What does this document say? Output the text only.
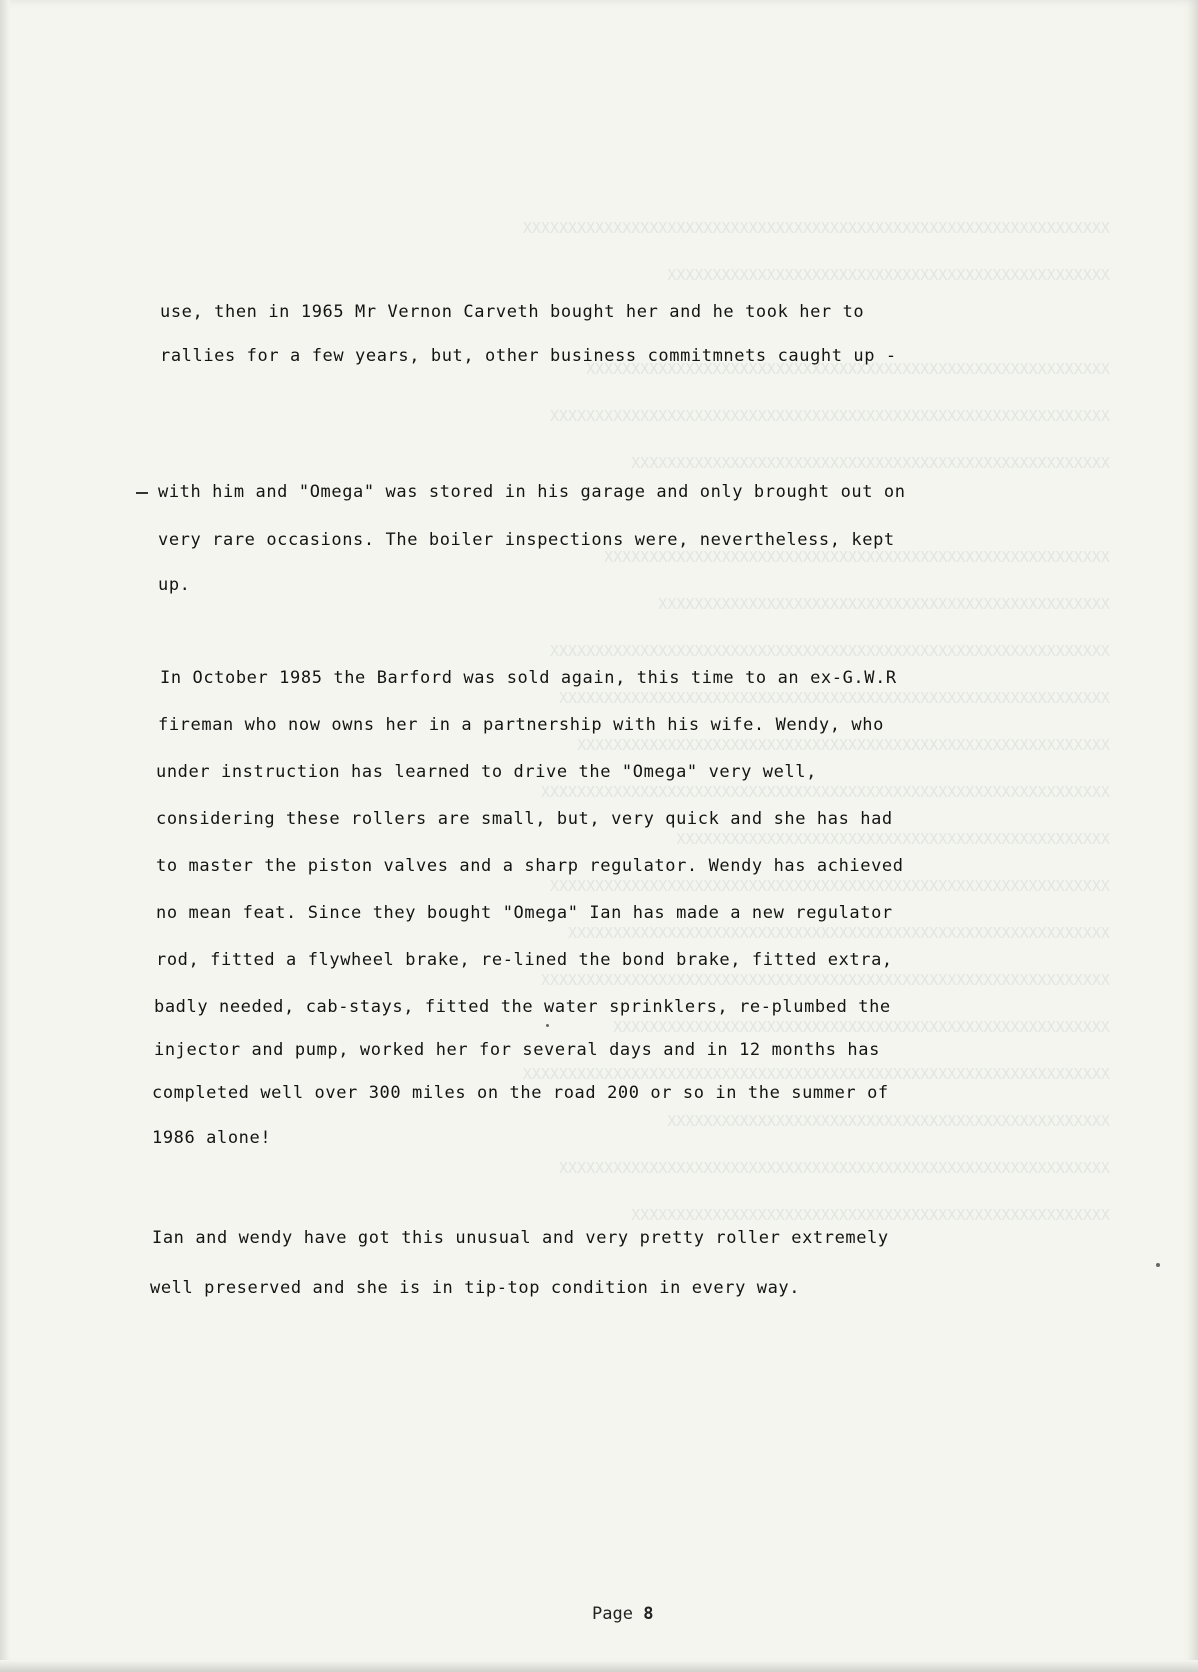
XXXXXXXXXXXXXXXXXXXXXXXXXXXXXXXXXXXXXXXXXXXXXXXXXXXXXXXXXXXXXXXXX
XXXXXXXXXXXXXXXXXXXXXXXXXXXXXXXXXXXXXXXXXXXXXXXXX
XXXXXXXXXXXXXXXXXXXXXXXXXXXXXXXXXXXXXXXXXXXXXXXXXXXXXXXXXX
XXXXXXXXXXXXXXXXXXXXXXXXXXXXXXXXXXXXXXXXXXXXXXXXXXXXXXXXXXXXXX
XXXXXXXXXXXXXXXXXXXXXXXXXXXXXXXXXXXXXXXXXXXXXXXXXXXXX
XXXXXXXXXXXXXXXXXXXXXXXXXXXXXXXXXXXXXXXXXXXXXXXXXXXXXXXX
XXXXXXXXXXXXXXXXXXXXXXXXXXXXXXXXXXXXXXXXXXXXXXXXXX
XXXXXXXXXXXXXXXXXXXXXXXXXXXXXXXXXXXXXXXXXXXXXXXXXXXXXXXXXXXXXX
XXXXXXXXXXXXXXXXXXXXXXXXXXXXXXXXXXXXXXXXXXXXXXXXXXXXXXXXXXXXX
XXXXXXXXXXXXXXXXXXXXXXXXXXXXXXXXXXXXXXXXXXXXXXXXXXXXXXXXXXX
XXXXXXXXXXXXXXXXXXXXXXXXXXXXXXXXXXXXXXXXXXXXXXXXXXXXXXXXXXXXXXX
XXXXXXXXXXXXXXXXXXXXXXXXXXXXXXXXXXXXXXXXXXXXXXXX
XXXXXXXXXXXXXXXXXXXXXXXXXXXXXXXXXXXXXXXXXXXXXXXXXXXXXXXXXXXXXX
XXXXXXXXXXXXXXXXXXXXXXXXXXXXXXXXXXXXXXXXXXXXXXXXXXXXXXXXXXXX
XXXXXXXXXXXXXXXXXXXXXXXXXXXXXXXXXXXXXXXXXXXXXXXXXXXXXXXXXXXXXXX
XXXXXXXXXXXXXXXXXXXXXXXXXXXXXXXXXXXXXXXXXXXXXXXXXXXXXXX
XXXXXXXXXXXXXXXXXXXXXXXXXXXXXXXXXXXXXXXXXXXXXXXXXXXXXXXXXXXXXXXXX
XXXXXXXXXXXXXXXXXXXXXXXXXXXXXXXXXXXXXXXXXXXXXXXXX
XXXXXXXXXXXXXXXXXXXXXXXXXXXXXXXXXXXXXXXXXXXXXXXXXXXXXXXXXXXXX
XXXXXXXXXXXXXXXXXXXXXXXXXXXXXXXXXXXXXXXXXXXXXXXXXXXXX
use, then in 1965 Mr Vernon Carveth bought her and he took her to
rallies for a few years, but, other business commitmnets caught up -
with him and "Omega" was stored in his garage and only brought out on
very rare occasions. The boiler inspections were, nevertheless, kept
up.
In October 1985 the Barford was sold again, this time to an ex-G.W.R
fireman who now owns her in a partnership with his wife. Wendy, who
under instruction has learned to drive the "Omega" very well,
considering these rollers are small, but, very quick and she has had
to master the piston valves and a sharp regulator. Wendy has achieved
no mean feat. Since they bought "Omega" Ian has made a new regulator
rod, fitted a flywheel brake, re-lined the bond brake, fitted extra,
badly needed, cab-stays, fitted the water sprinklers, re-plumbed the
injector and pump, worked her for several days and in 12 months has
completed well over 300 miles on the road 200 or so in the summer of
1986 alone!
Ian and wendy have got this unusual and very pretty roller extremely
well preserved and she is in tip-top condition in every way.
Page 8
